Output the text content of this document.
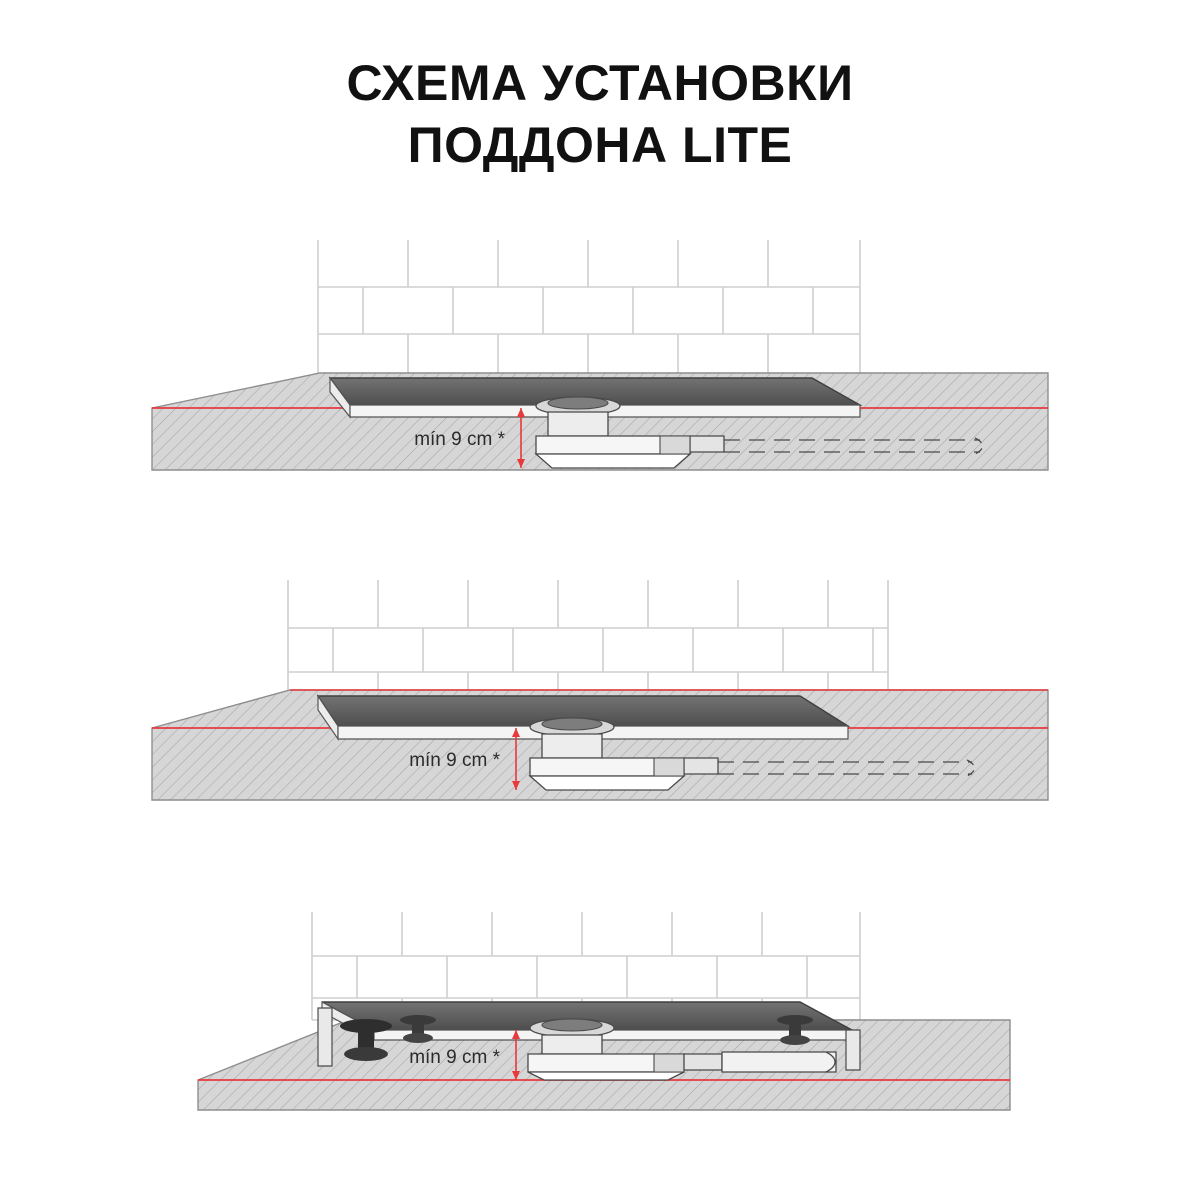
СХЕМА УСТАНОВКИ
ПОДДОНА LITE
mín 9 cm *
mín 9 cm *
mín 9 cm *
